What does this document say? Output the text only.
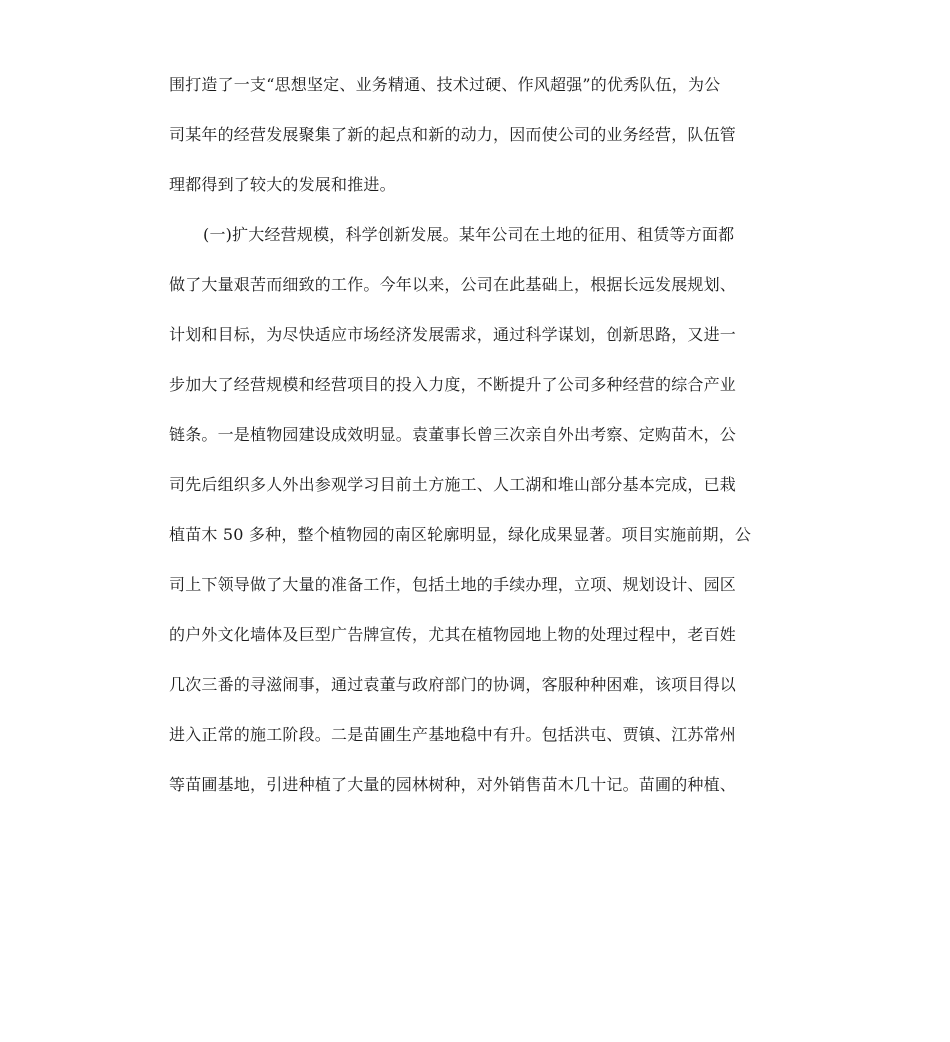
围打造了一支“思想坚定、业务精通、技术过硬、作风超强”的优秀队伍，为公
司某年的经营发展聚集了新的起点和新的动力，因而使公司的业务经营，队伍管
理都得到了较大的发展和推进。
(一)扩大经营规模，科学创新发展。某年公司在土地的征用、租赁等方面都
做了大量艰苦而细致的工作。今年以来，公司在此基础上，根据长远发展规划、
计划和目标，为尽快适应市场经济发展需求，通过科学谋划，创新思路，又进一
步加大了经营规模和经营项目的投入力度，不断提升了公司多种经营的综合产业
链条。一是植物园建设成效明显。袁董事长曾三次亲自外出考察、定购苗木，公
司先后组织多人外出参观学习目前土方施工、人工湖和堆山部分基本完成，已栽
植苗木 50 多种，整个植物园的南区轮廓明显，绿化成果显著。项目实施前期，公
司上下领导做了大量的准备工作，包括土地的手续办理，立项、规划设计、园区
的户外文化墙体及巨型广告牌宣传，尤其在植物园地上物的处理过程中，老百姓
几次三番的寻滋闹事，通过袁董与政府部门的协调，客服种种困难，该项目得以
进入正常的施工阶段。二是苗圃生产基地稳中有升。包括洪屯、贾镇、江苏常州
等苗圃基地，引进种植了大量的园林树种，对外销售苗木几十记。苗圃的种植、
